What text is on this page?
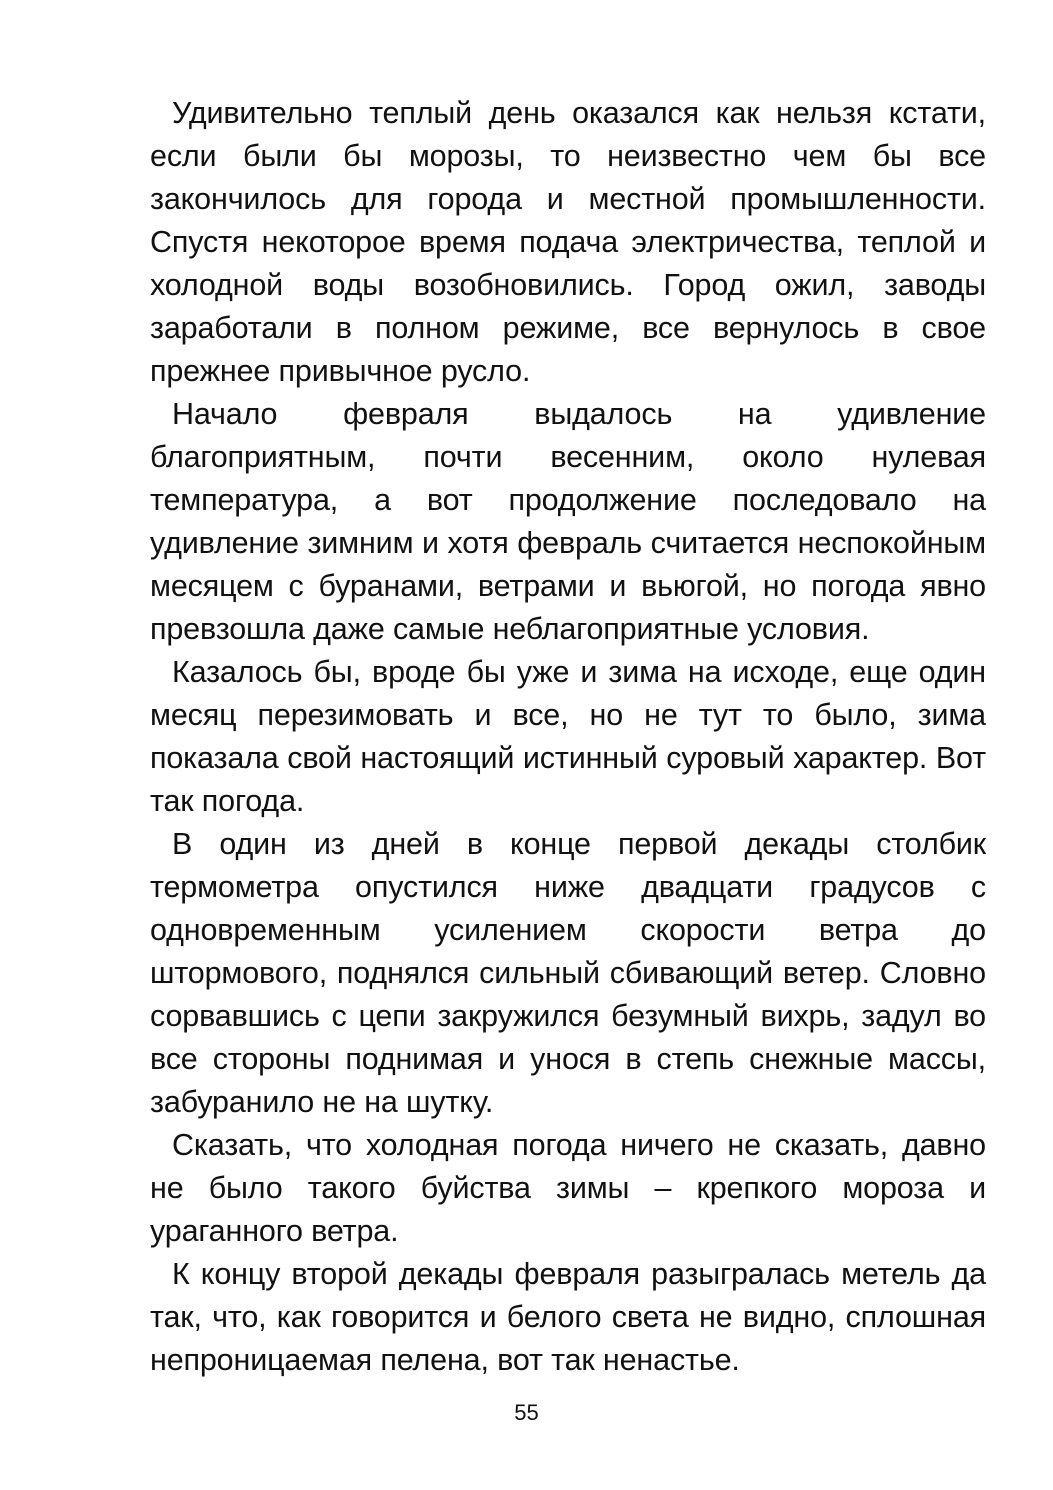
Удивительно теплый день оказался как нельзя кстати, если были бы морозы, то неизвестно чем бы все закончилось для города и местной промышленности. Спустя некоторое время подача электричества, теплой и холодной воды возобновились. Город ожил, заводы заработали в полном режиме, все вернулось в свое прежнее привычное русло.

Начало февраля выдалось на удивление благоприятным, почти весенним, около нулевая температура, а вот продолжение последовало на удивление зимним и хотя февраль считается неспокойным месяцем с буранами, ветрами и вьюгой, но погода явно превзошла даже самые неблагоприятные условия.

Казалось бы, вроде бы уже и зима на исходе, еще один месяц перезимовать и все, но не тут то было, зима показала свой настоящий истинный суровый характер. Вот так погода.

В один из дней в конце первой декады столбик термометра опустился ниже двадцати градусов с одновременным усилением скорости ветра до штормового, поднялся сильный сбивающий ветер. Словно сорвавшись с цепи закружился безумный вихрь, задул во все стороны поднимая и унося в степь снежные массы, забуранило не на шутку.

Сказать, что холодная погода ничего не сказать, давно не было такого буйства зимы – крепкого мороза и ураганного ветра.

К концу второй декады февраля разыгралась метель да так, что, как говорится и белого света не видно, сплошная непроницаемая пелена, вот так ненастье.

55
